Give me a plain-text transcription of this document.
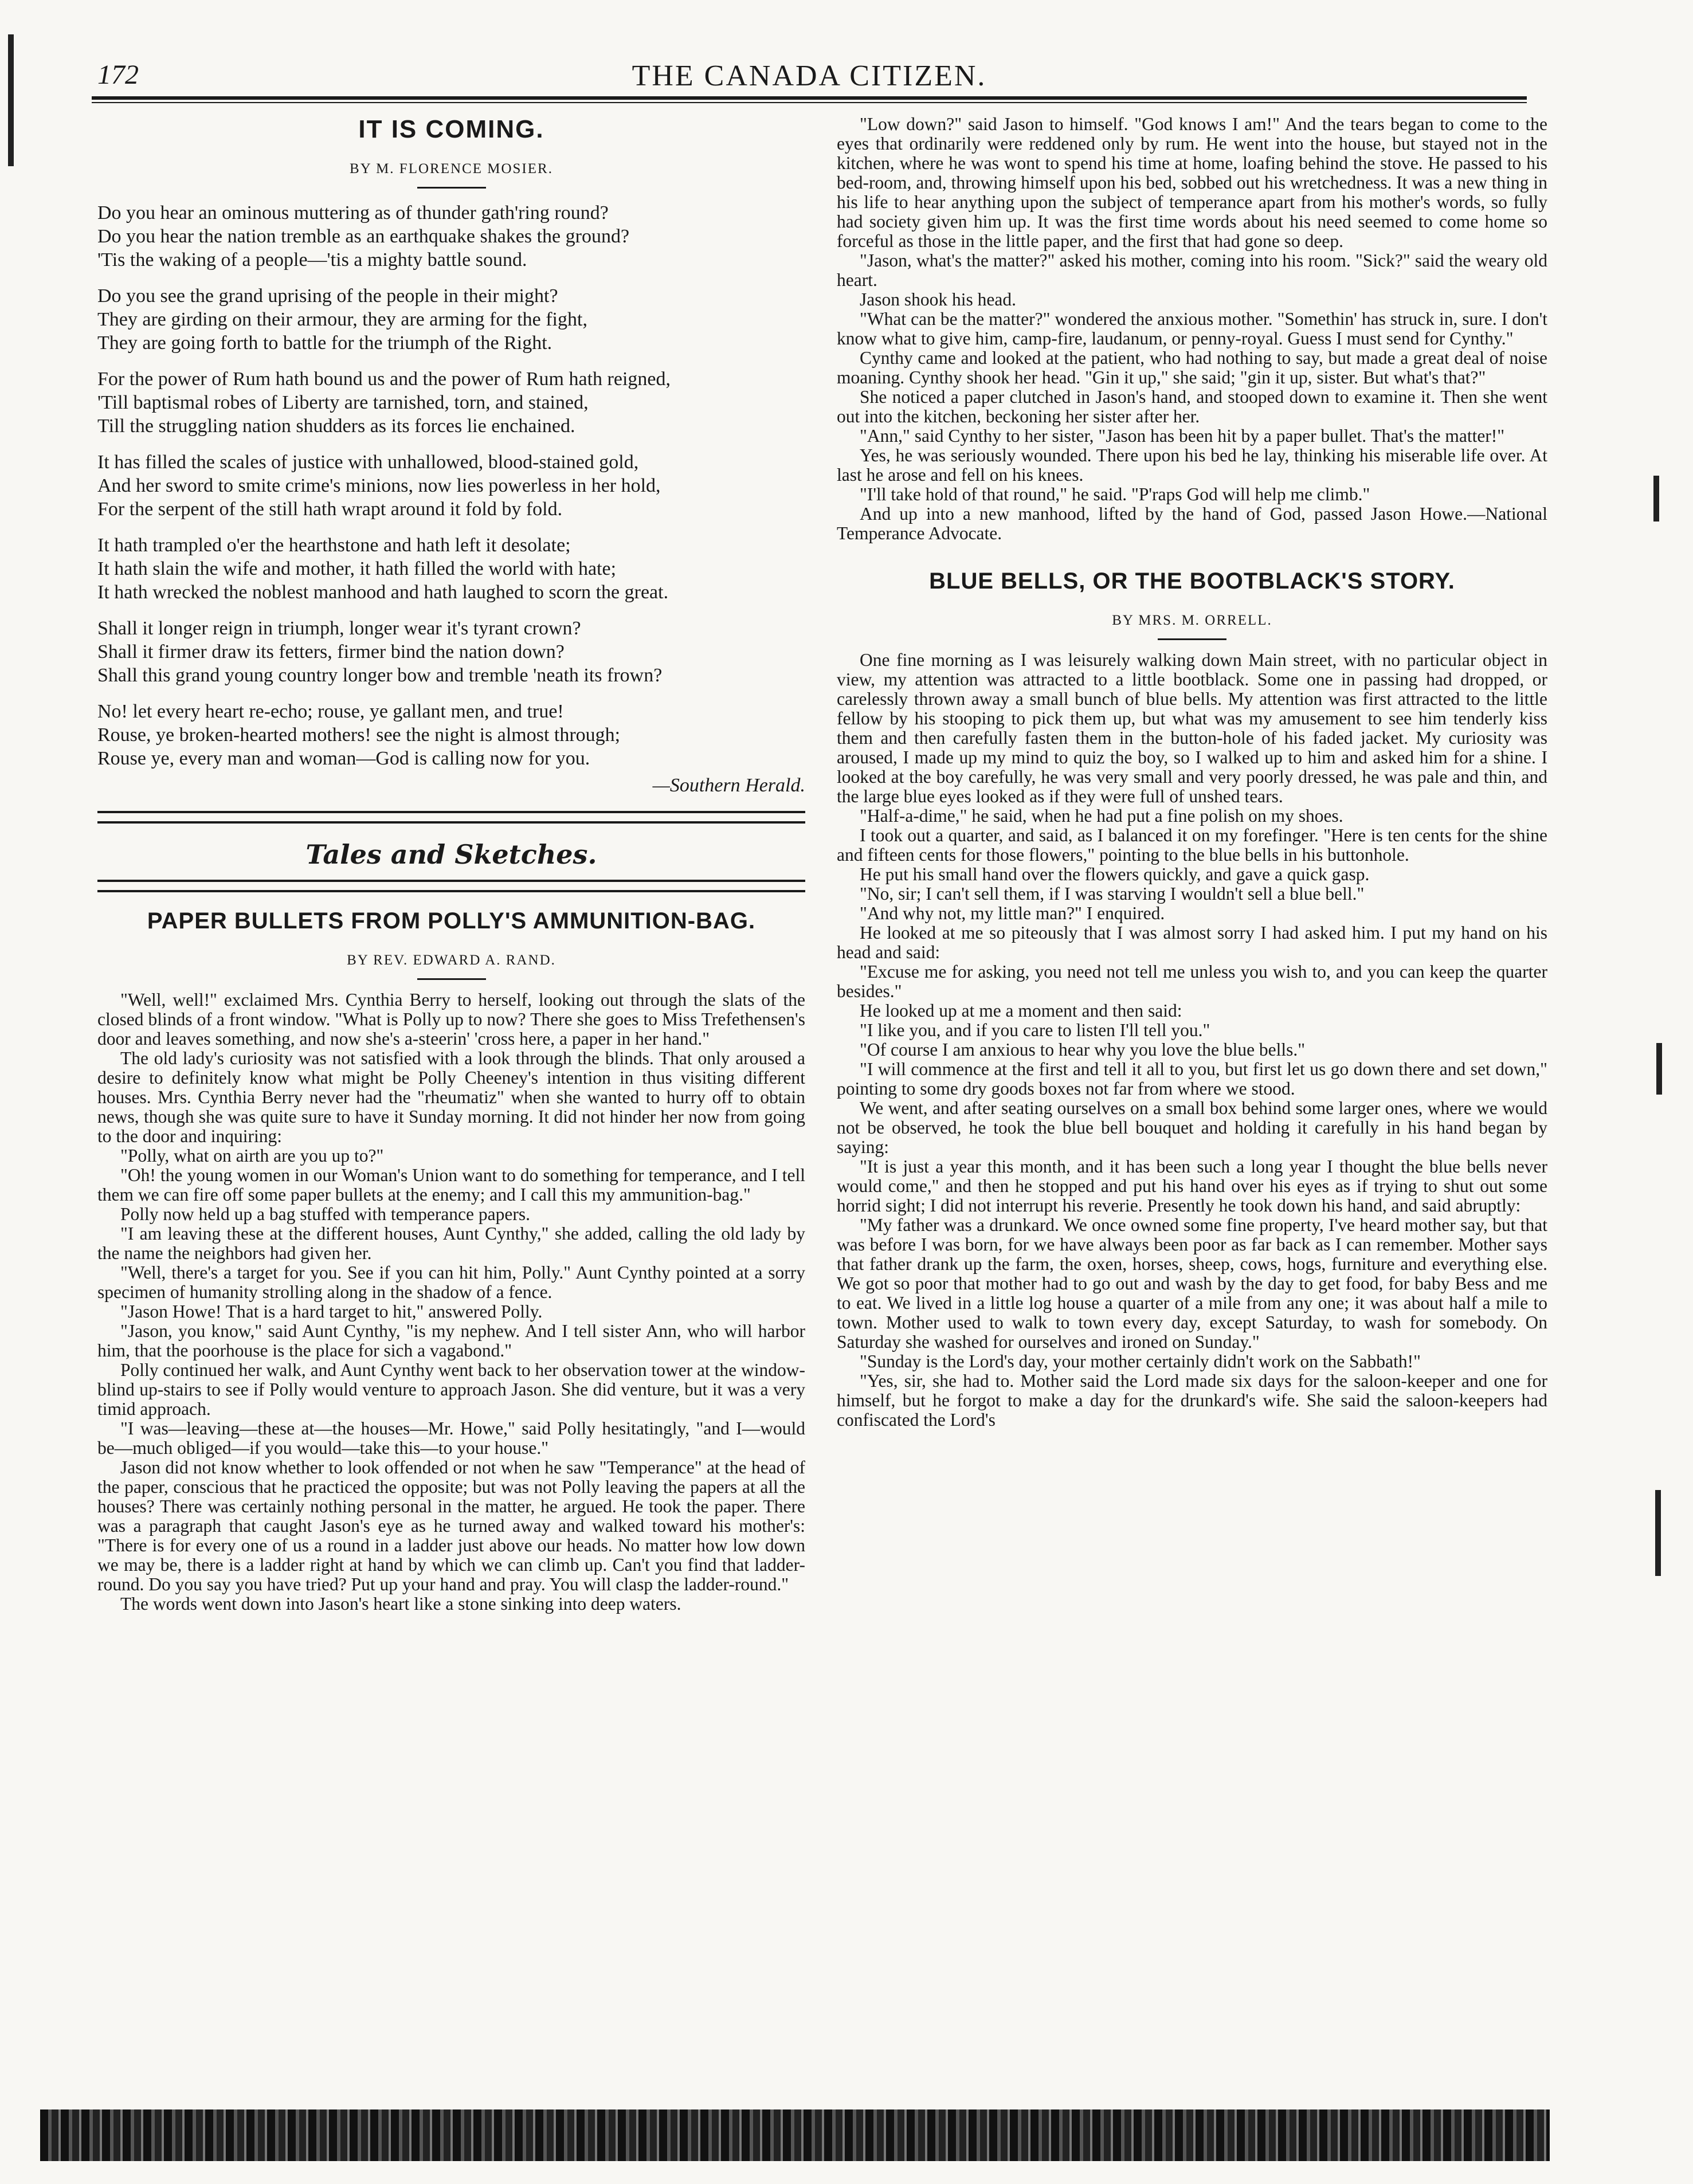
172	THE CANADA CITIZEN.
IT IS COMING.
BY M. FLORENCE MOSIER.
Do you hear an ominous muttering as of thunder gath'ring round?
Do you hear the nation tremble as an earthquake shakes the ground?
'Tis the waking of a people—'tis a mighty battle sound.
Do you see the grand uprising of the people in their might?
They are girding on their armour, they are arming for the fight,
They are going forth to battle for the triumph of the Right.
For the power of Rum hath bound us and the power of Rum hath reigned,
'Till baptismal robes of Liberty are tarnished, torn, and stained,
Till the struggling nation shudders as its forces lie enchained.
It has filled the scales of justice with unhallowed, blood-stained gold,
And her sword to smite crime's minions, now lies powerless in her hold,
For the serpent of the still hath wrapt around it fold by fold.
It hath trampled o'er the hearthstone and hath left it desolate;
It hath slain the wife and mother, it hath filled the world with hate;
It hath wrecked the noblest manhood and hath laughed to scorn the great.
Shall it longer reign in triumph, longer wear it's tyrant crown?
Shall it firmer draw its fetters, firmer bind the nation down?
Shall this grand young country longer bow and tremble 'neath its frown?
No! let every heart re-echo; rouse, ye gallant men, and true!
Rouse, ye broken-hearted mothers! see the night is almost through;
Rouse ye, every man and woman—God is calling now for you.
—Southern Herald.
Tales and Sketches.
PAPER BULLETS FROM POLLY'S AMMUNITION-BAG.
BY REV. EDWARD A. RAND.

"Well, well!" exclaimed Mrs. Cynthia Berry to herself, looking out through the slats of the closed blinds of a front window. "What is Polly up to now? There she goes to Miss Trefethensen's door and leaves something, and now she's a-steerin' 'cross here, a paper in her hand."

The old lady's curiosity was not satisfied with a look through the blinds. That only aroused a desire to definitely know what might be Polly Cheeney's intention in thus visiting different houses. Mrs. Cynthia Berry never had the "rheumatiz" when she wanted to hurry off to obtain news, though she was quite sure to have it Sunday morning. It did not hinder her now from going to the door and inquiring:

"Polly, what on airth are you up to?"

"Oh! the young women in our Woman's Union want to do something for temperance, and I tell them we can fire off some paper bullets at the enemy; and I call this my ammunition-bag."

Polly now held up a bag stuffed with temperance papers.

"I am leaving these at the different houses, Aunt Cynthy," she added, calling the old lady by the name the neighbors had given her.

"Well, there's a target for you. See if you can hit him, Polly." Aunt Cynthy pointed at a sorry specimen of humanity strolling along in the shadow of a fence.

"Jason Howe! That is a hard target to hit," answered Polly.

"Jason, you know," said Aunt Cynthy, "is my nephew. And I tell sister Ann, who will harbor him, that the poorhouse is the place for sich a vagabond."

Polly continued her walk, and Aunt Cynthy went back to her observation tower at the window-blind up-stairs to see if Polly would venture to approach Jason. She did venture, but it was a very timid approach.

"I was—leaving—these at—the houses—Mr. Howe," said Polly hesitatingly, "and I—would be—much obliged—if you would—take this—to your house."

Jason did not know whether to look offended or not when he saw "Temperance" at the head of the paper, conscious that he practiced the opposite; but was not Polly leaving the papers at all the houses? There was certainly nothing personal in the matter, he argued. He took the paper. There was a paragraph that caught Jason's eye as he turned away and walked toward his mother's: "There is for every one of us a round in a ladder just above our heads. No matter how low down we may be, there is a ladder right at hand by which we can climb up. Can't you find that ladder-round. Do you say you have tried? Put up your hand and pray. You will clasp the ladder-round."

The words went down into Jason's heart like a stone sinking into deep waters.

"Low down?" said Jason to himself. "God knows I am!" And the tears began to come to the eyes that ordinarily were reddened only by rum. He went into the house, but stayed not in the kitchen, where he was wont to spend his time at home, loafing behind the stove. He passed to his bed-room, and, throwing himself upon his bed, sobbed out his wretchedness. It was a new thing in his life to hear anything upon the subject of temperance apart from his mother's words, so fully had society given him up. It was the first time words about his need seemed to come home so forceful as those in the little paper, and the first that had gone so deep.

"Jason, what's the matter?" asked his mother, coming into his room. "Sick?" said the weary old heart.

Jason shook his head.

"What can be the matter?" wondered the anxious mother. "Somethin' has struck in, sure. I don't know what to give him, camp-fire, laudanum, or penny-royal. Guess I must send for Cynthy."

Cynthy came and looked at the patient, who had nothing to say, but made a great deal of noise moaning. Cynthy shook her head. "Gin it up," she said; "gin it up, sister. But what's that?"

She noticed a paper clutched in Jason's hand, and stooped down to examine it. Then she went out into the kitchen, beckoning her sister after her.

"Ann," said Cynthy to her sister, "Jason has been hit by a paper bullet. That's the matter!"

Yes, he was seriously wounded. There upon his bed he lay, thinking his miserable life over. At last he arose and fell on his knees.

"I'll take hold of that round," he said. "P'raps God will help me climb."

And up into a new manhood, lifted by the hand of God, passed Jason Howe.—National Temperance Advocate.

BLUE BELLS, OR THE BOOTBLACK'S STORY.
BY MRS. M. ORRELL.

One fine morning as I was leisurely walking down Main street, with no particular object in view, my attention was attracted to a little bootblack. Some one in passing had dropped, or carelessly thrown away a small bunch of blue bells. My attention was first attracted to the little fellow by his stooping to pick them up, but what was my amusement to see him tenderly kiss them and then carefully fasten them in the button-hole of his faded jacket. My curiosity was aroused, I made up my mind to quiz the boy, so I walked up to him and asked him for a shine. I looked at the boy carefully, he was very small and very poorly dressed, he was pale and thin, and the large blue eyes looked as if they were full of unshed tears.

"Half-a-dime," he said, when he had put a fine polish on my shoes.

I took out a quarter, and said, as I balanced it on my forefinger. "Here is ten cents for the shine and fifteen cents for those flowers," pointing to the blue bells in his buttonhole.

He put his small hand over the flowers quickly, and gave a quick gasp.

"No, sir; I can't sell them, if I was starving I wouldn't sell a blue bell."

"And why not, my little man?" I enquired.

He looked at me so piteously that I was almost sorry I had asked him. I put my hand on his head and said:

"Excuse me for asking, you need not tell me unless you wish to, and you can keep the quarter besides."

He looked up at me a moment and then said:

"I like you, and if you care to listen I'll tell you."

"Of course I am anxious to hear why you love the blue bells."

"I will commence at the first and tell it all to you, but first let us go down there and set down," pointing to some dry goods boxes not far from where we stood.

We went, and after seating ourselves on a small box behind some larger ones, where we would not be observed, he took the blue bell bouquet and holding it carefully in his hand began by saying:

"It is just a year this month, and it has been such a long year I thought the blue bells never would come," and then he stopped and put his hand over his eyes as if trying to shut out some horrid sight; I did not interrupt his reverie. Presently he took down his hand, and said abruptly:

"My father was a drunkard. We once owned some fine property, I've heard mother say, but that was before I was born, for we have always been poor as far back as I can remember. Mother says that father drank up the farm, the oxen, horses, sheep, cows, hogs, furniture and everything else. We got so poor that mother had to go out and wash by the day to get food, for baby Bess and me to eat. We lived in a little log house a quarter of a mile from any one; it was about half a mile to town. Mother used to walk to town every day, except Saturday, to wash for somebody. On Saturday she washed for ourselves and ironed on Sunday."

"Sunday is the Lord's day, your mother certainly didn't work on the Sabbath!"

"Yes, sir, she had to. Mother said the Lord made six days for the saloon-keeper and one for himself, but he forgot to make a day for the drunkard's wife. She said the saloon-keepers had confiscated the Lord's
